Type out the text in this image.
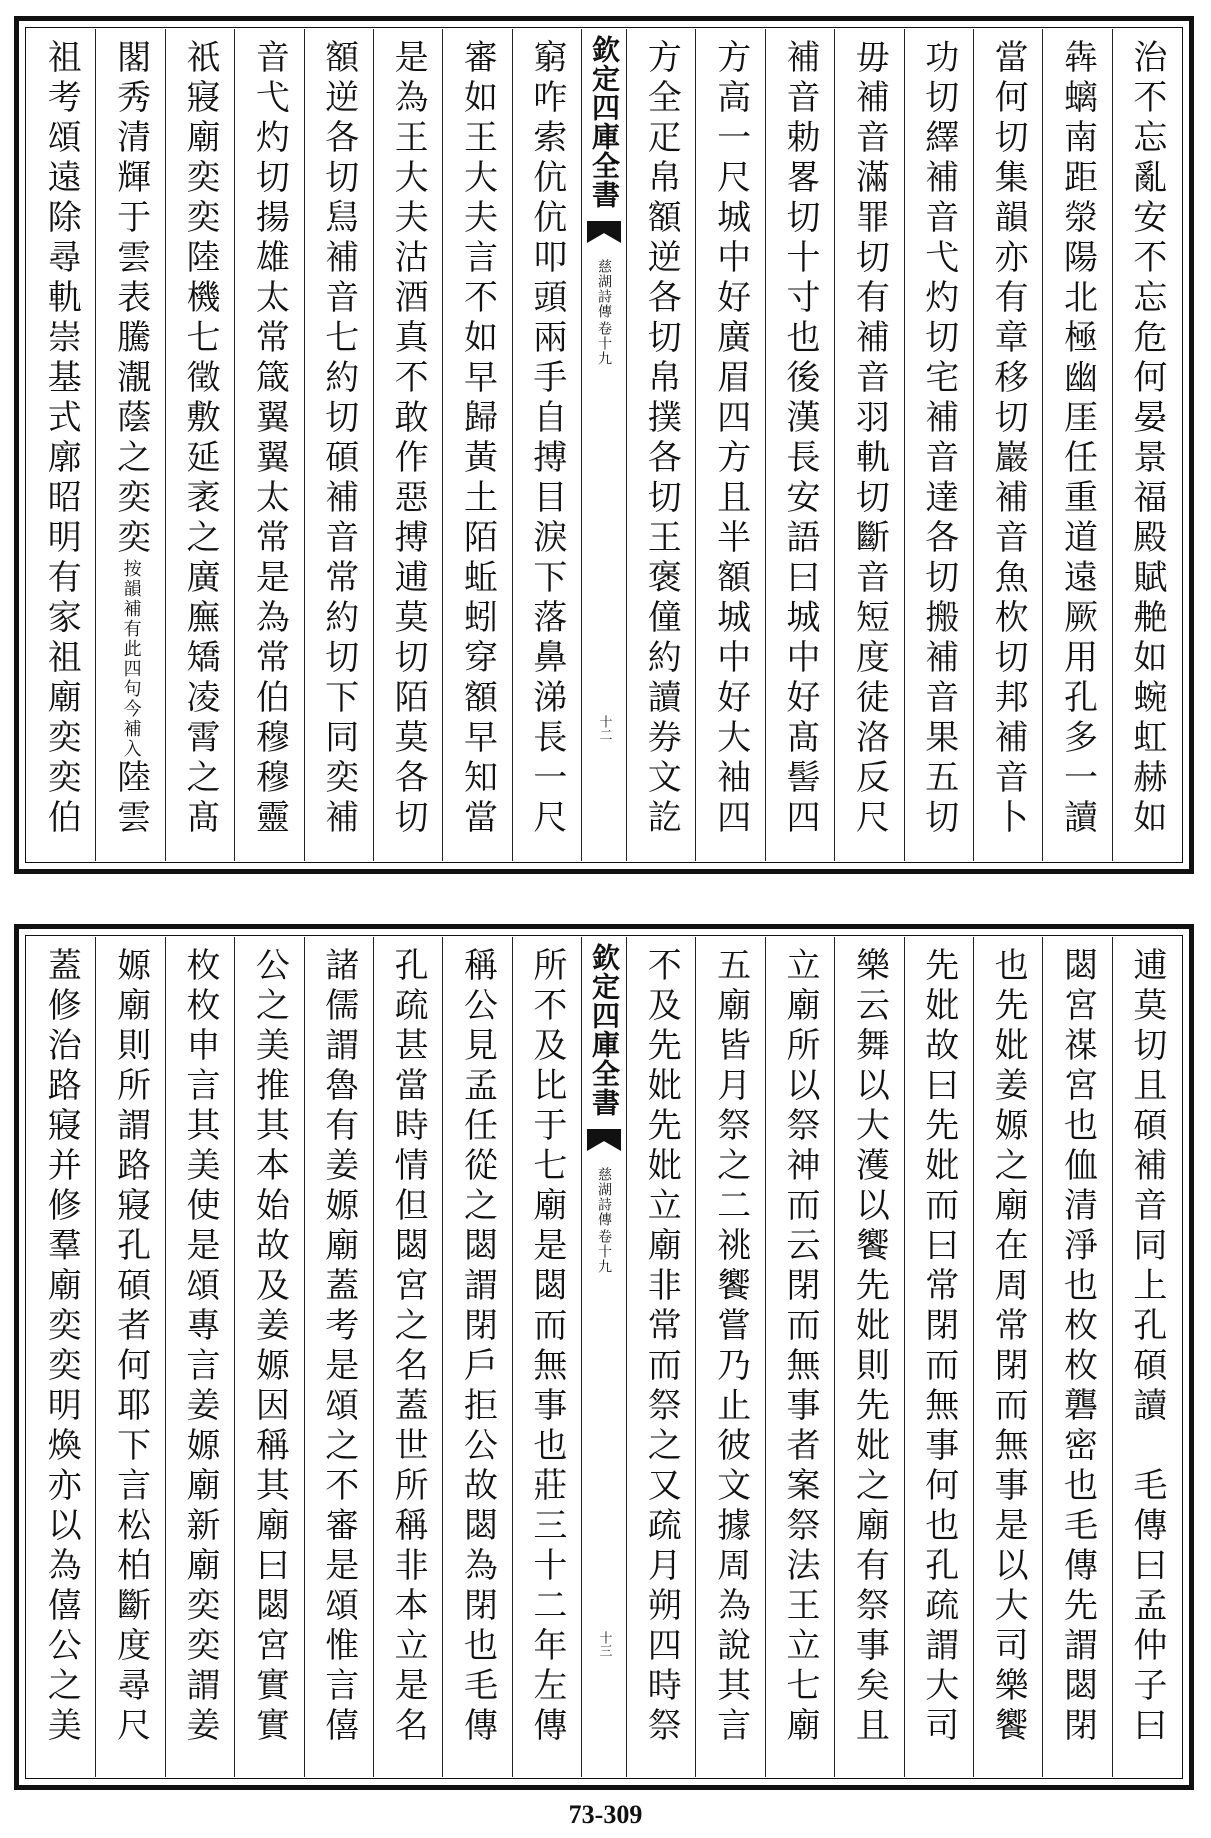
治不忘亂安不忘危何晏景福殿賦艴如蜿虹赫如
犇螭南距滎陽北極幽厓任重道遠厥用孔多一讀
當何切集韻亦有章移切巖補音魚杴切邦補音卜
功切繹補音弋灼切宅補音達各切搬補音果五切
毋補音滿罪切有補音羽軌切斷音短度徒洛反尺
補音勅畧切十寸也後漢長安語曰城中好髙髻四
方高一尺城中好廣眉四方且半額城中好大袖四
方全疋帛額逆各切帛撲各切王褒僮約讀券文訖
欽定四庫全書
慈湖詩傳
卷十九
十二
窮咋索伉伉叩頭兩手自搏目淚下落鼻涕長一尺
審如王大夫言不如早歸黃土陌蚯蚓穿額早知當
是為王大夫沽酒真不敢作惡搏逋莫切陌莫各切
額逆各切舃補音七約切碩補音常約切下同奕補
音弋灼切揚雄太常箴翼翼太常是為常伯穆穆靈
祇寢廟奕奕陸機七徵敷延袤之廣廡矯凌霄之髙
閣秀清輝于雲表騰㵾蔭之奕奕按韻補有此四句今補入陸雲
祖考頌遠除尋軌崇基式廓昭明有家祖廟奕奕伯
逋莫切且碩補音同上孔碩讀　毛傳曰孟仲子曰
閟宮禖宮也侐清淨也枚枚礱密也毛傳先謂閟閉
也先妣姜嫄之廟在周常閉而無事是以大司樂饗
先妣故曰先妣而曰常閉而無事何也孔疏謂大司
樂云舞以大濩以饗先妣則先妣之廟有祭事矣且
立廟所以祭神而云閉而無事者案祭法王立七廟
五廟皆月祭之二祧饗嘗乃止彼文據周為說其言
不及先妣先妣立廟非常而祭之又疏月朔四時祭
欽定四庫全書
慈湖詩傳
卷十九
十三
所不及比于七廟是閟而無事也莊三十二年左傳
稱公見孟任從之閟謂閉戶拒公故閟為閉也毛傳
孔疏甚當時情但閟宮之名蓋世所稱非本立是名
諸儒謂魯有姜嫄廟蓋考是頌之不審是頌惟言僖
公之美推其本始故及姜嫄因稱其廟曰閟宮實實
枚枚申言其美使是頌專言姜嫄廟新廟奕奕謂姜
嫄廟則所謂路寢孔碩者何耶下言松柏斷度尋尺
蓋修治路寢并修羣廟奕奕明煥亦以為僖公之美
73-309
